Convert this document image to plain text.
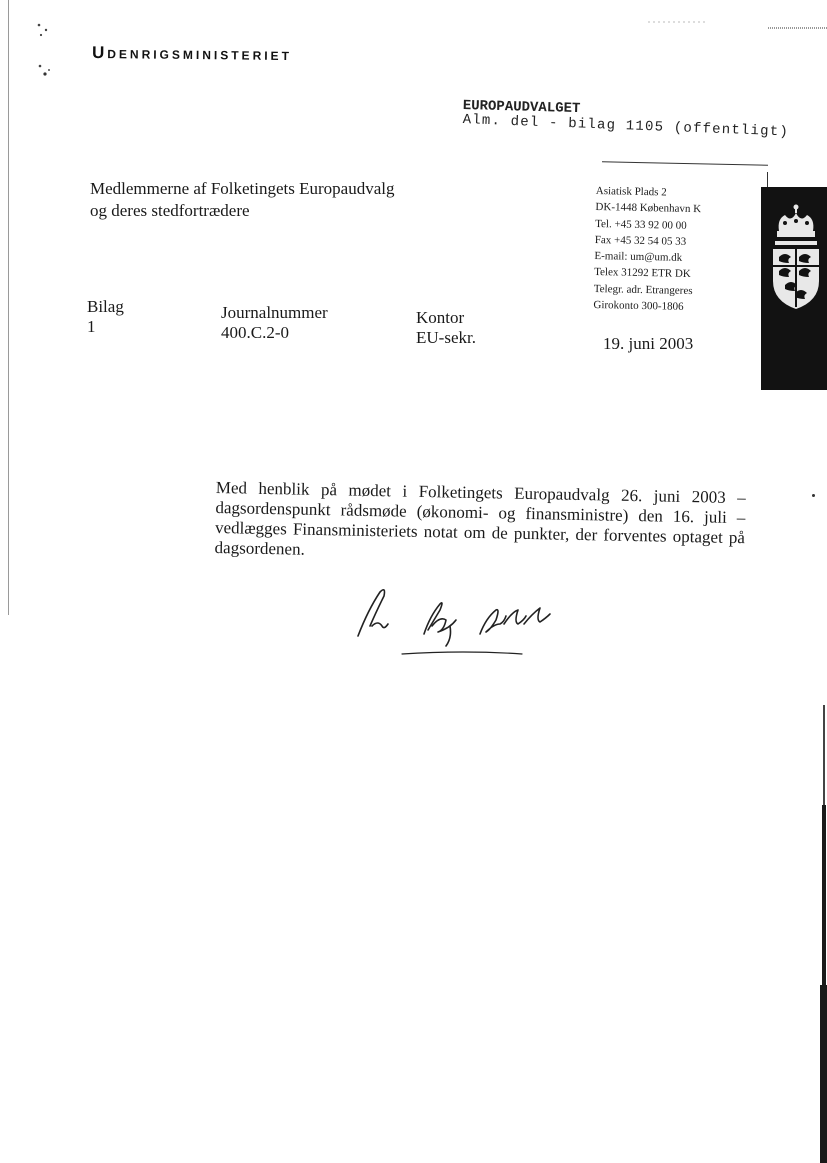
Udenrigsministeriet
EUROPAUDVALGET
Alm. del - bilag 1105 (offentligt)
Medlemmerne af Folketingets Europaudvalg
og deres stedfortrædere
Asiatisk Plads 2
DK-1448 København K
Tel. +45 33 92 00 00
Fax +45 32 54 05 33
E-mail: um@um.dk
Telex 31292 ETR DK
Telegr. adr. Etrangeres
Girokonto 300-1806
Bilag
1
Journalnummer
400.C.2-0
Kontor
EU-sekr.	19. juni 2003

Med henblik på mødet i Folketingets Europaudvalg 26. juni 2003 – dagsordenspunkt rådsmøde (økonomi- og finansministre) den 16. juli – vedlægges Finansministeriets notat om de punkter, der forventes optaget på dagsordenen.
